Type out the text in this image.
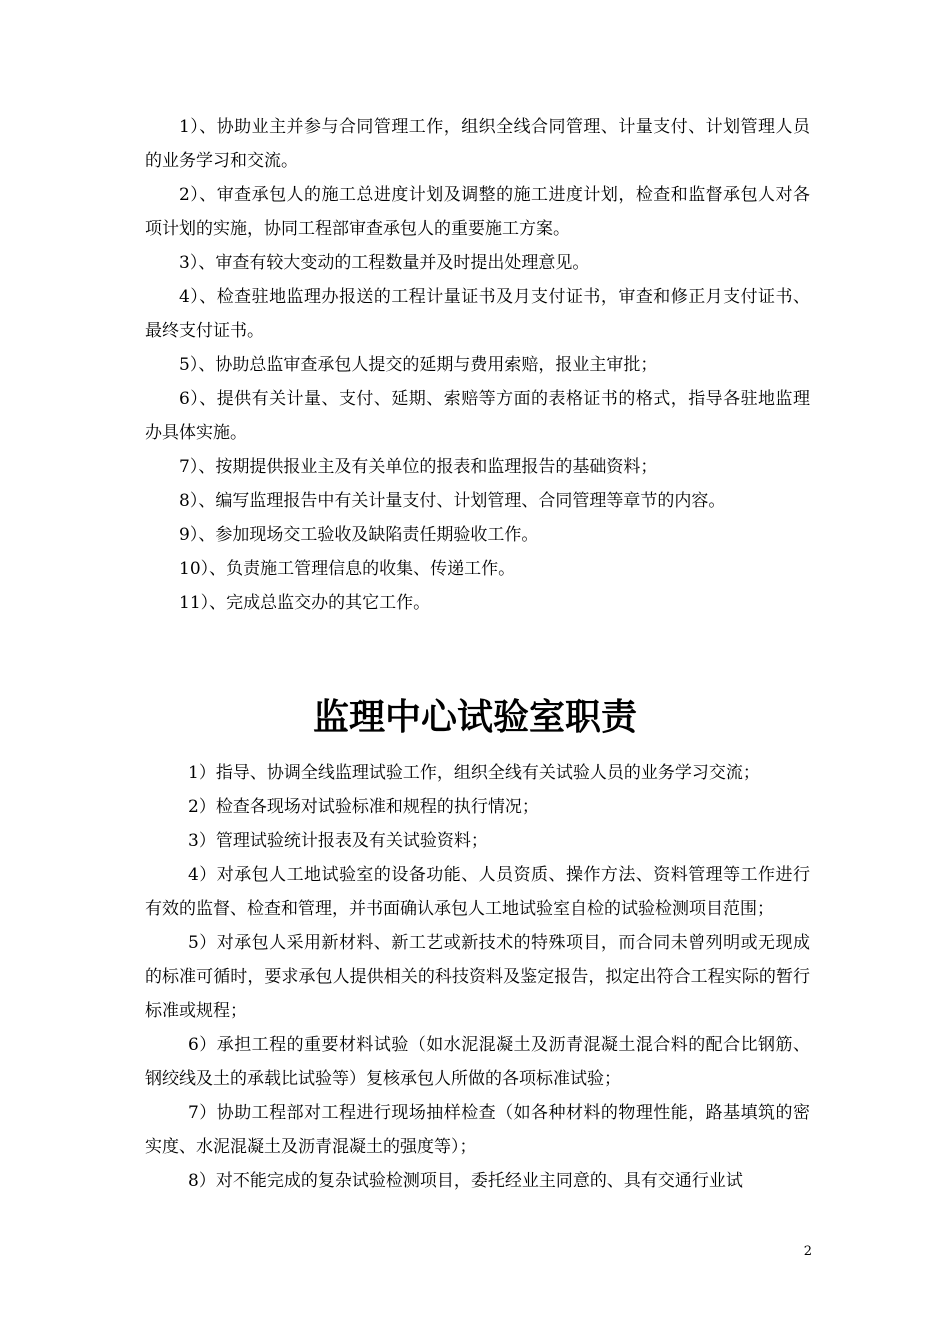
1）、协助业主并参与合同管理工作，组织全线合同管理、计量支付、计划管理人员的业务学习和交流。

2）、审查承包人的施工总进度计划及调整的施工进度计划，检查和监督承包人对各项计划的实施，协同工程部审查承包人的重要施工方案。

3）、审查有较大变动的工程数量并及时提出处理意见。

4）、检查驻地监理办报送的工程计量证书及月支付证书，审查和修正月支付证书、最终支付证书。

5）、协助总监审查承包人提交的延期与费用索赔，报业主审批；

6）、提供有关计量、支付、延期、索赔等方面的表格证书的格式，指导各驻地监理办具体实施。

7）、按期提供报业主及有关单位的报表和监理报告的基础资料；

8）、编写监理报告中有关计量支付、计划管理、合同管理等章节的内容。

9）、参加现场交工验收及缺陷责任期验收工作。

10）、负责施工管理信息的收集、传递工作。

11）、完成总监交办的其它工作。

监理中心试验室职责

1）指导、协调全线监理试验工作，组织全线有关试验人员的业务学习交流；

2）检查各现场对试验标准和规程的执行情况；

3）管理试验统计报表及有关试验资料；

4）对承包人工地试验室的设备功能、人员资质、操作方法、资料管理等工作进行有效的监督、检查和管理，并书面确认承包人工地试验室自检的试验检测项目范围；

5）对承包人采用新材料、新工艺或新技术的特殊项目，而合同未曾列明或无现成的标准可循时，要求承包人提供相关的科技资料及鉴定报告，拟定出符合工程实际的暂行标准或规程；

6）承担工程的重要材料试验（如水泥混凝土及沥青混凝土混合料的配合比钢筋、钢绞线及土的承载比试验等）复核承包人所做的各项标准试验；

7）协助工程部对工程进行现场抽样检查（如各种材料的物理性能，路基填筑的密实度、水泥混凝土及沥青混凝土的强度等）；

8）对不能完成的复杂试验检测项目，委托经业主同意的、具有交通行业试

2
